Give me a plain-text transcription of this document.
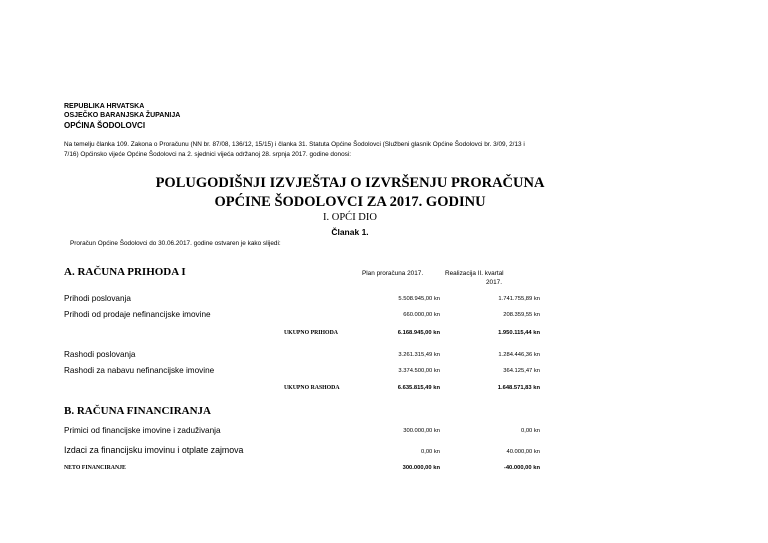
REPUBLIKA HRVATSKA
OSJEČKO BARANJSKA ŽUPANIJA
OPĆINA ŠODOLOVCI
Na temelju članka 109. Zakona o Proračunu (NN br. 87/08, 136/12, 15/15) i članka 31. Statuta Općine Šodolovci (Službeni glasnik Općine Šodolovci br. 3/09, 2/13 i 7/16) Općinsko vijeće Općine Šodolovci na 2. sjednici vijeća održanoj 28. srpnja 2017. godine donosi:
POLUGODIŠNJI IZVJEŠTAJ O IZVRŠENJU PRORAČUNA
OPĆINE ŠODOLOVCI ZA 2017. GODINU
I. OPĆI DIO
Članak 1.
Proračun Općine Šodolovci do 30.06.2017. godine ostvaren je kako slijedi:
A. RAČUNA PRIHODA I	Plan proračuna 2017.	Realizacija II. kvartal
2017.
Prihodi poslovanja	5.508.945,00 kn	1.741.755,89 kn
Prihodi od prodaje nefinancijske imovine	660.000,00 kn	208.359,55 kn
UKUPNO PRIHODA	6.168.945,00 kn	1.950.115,44 kn
Rashodi poslovanja	3.261.315,49 kn	1.284.446,36 kn
Rashodi za nabavu nefinancijske imovine	3.374.500,00 kn	364.125,47 kn
UKUPNO RASHODA	6.635.815,49 kn	1.648.571,83 kn
B. RAČUNA FINANCIRANJA
Primici od financijske imovine i zaduživanja	300.000,00 kn	0,00 kn
Izdaci za financijsku imovinu i otplate zajmova	0,00 kn	40.000,00 kn
NETO FINANCIRANJE	300.000,00 kn	-40.000,00 kn
